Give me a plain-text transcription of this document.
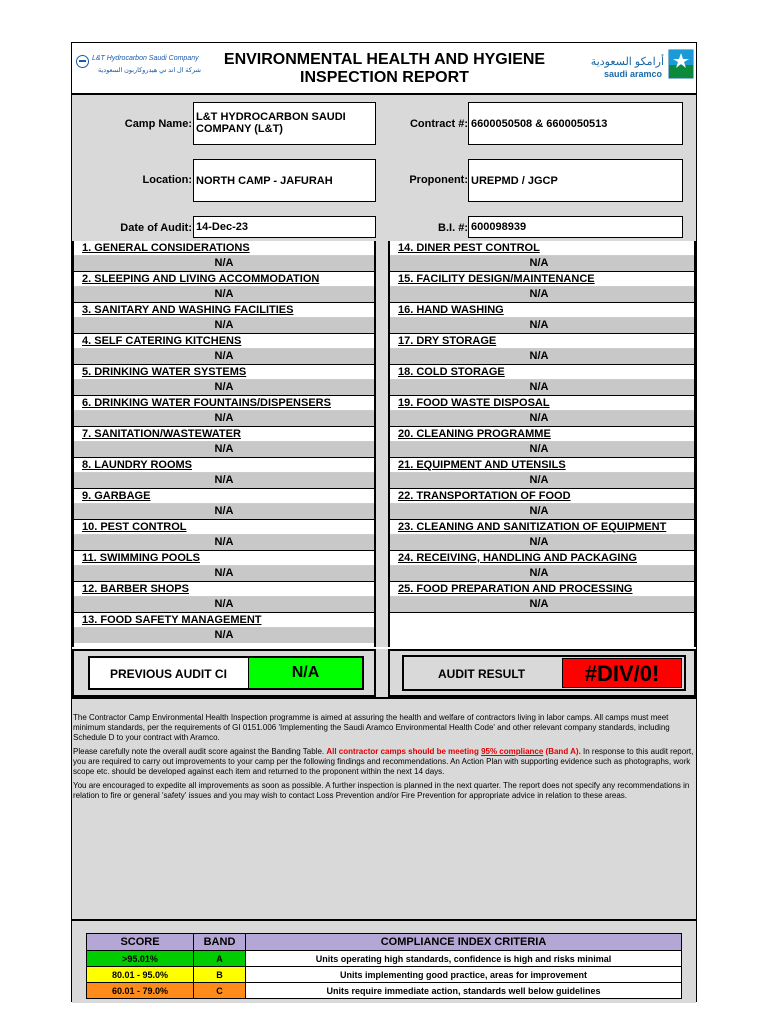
L&T Hydrocarbon Saudi Company
شركة ال اند تي هيدروكاربون السعودية
ENVIRONMENTAL HEALTH AND HYGIENE
INSPECTION REPORT
أرامكو السعودية
saudi aramco
Camp Name:
L&T HYDROCARBON SAUDI COMPANY (L&T)	Contract #: 6600050508 & 6600050513
Location: NORTH CAMP - JAFURAH	Proponent: UREPMD / JGCP
Date of Audit: 14-Dec-23	B.I. #: 600098939
1. GENERAL CONSIDERATIONS
N/A
2. SLEEPING AND LIVING ACCOMMODATION
N/A
3. SANITARY AND WASHING FACILITIES
N/A
4. SELF CATERING KITCHENS
N/A
5. DRINKING WATER SYSTEMS
N/A
6. DRINKING WATER FOUNTAINS/DISPENSERS
N/A
7. SANITATION/WASTEWATER
N/A
8. LAUNDRY ROOMS
N/A
9. GARBAGE
N/A
10. PEST CONTROL
N/A
11. SWIMMING POOLS
N/A
12. BARBER SHOPS
N/A
13. FOOD SAFETY MANAGEMENT
N/A
14. DINER PEST CONTROL
N/A
15. FACILITY DESIGN/MAINTENANCE
N/A
16. HAND WASHING
N/A
17. DRY STORAGE
N/A
18. COLD STORAGE
N/A
19. FOOD WASTE DISPOSAL
N/A
20. CLEANING PROGRAMME
N/A
21. EQUIPMENT AND UTENSILS
N/A
22. TRANSPORTATION OF FOOD
N/A
23. CLEANING AND SANITIZATION OF EQUIPMENT
N/A
24. RECEIVING, HANDLING AND PACKAGING
N/A
25. FOOD PREPARATION AND PROCESSING
N/A
PREVIOUS AUDIT CI	N/A	AUDIT RESULT	#DIV/0!

The Contractor Camp Environmental Health Inspection programme is aimed at assuring the health and welfare of contractors living in labor camps. All camps must meet minimum standards, per the requirements of GI 0151.006 'Implementing the Saudi Aramco Environmental Health Code' and other relevant company standards, including Schedule D to your contract with Aramco.

Please carefully note the overall audit score against the Banding Table. All contractor camps should be meeting 95% compliance (Band A). In response to this audit report, you are required to carry out improvements to your camp per the following findings and recommendations. An Action Plan with supporting evidence such as photographs, work scope etc. should be developed against each item and returned to the proponent within the next 14 days.

You are encouraged to expedite all improvements as soon as possible. A further inspection is planned in the next quarter. The report does not specify any recommendations in relation to fire or general 'safety' issues and you may wish to contact Loss Prevention and/or Fire Prevention for appropriate advice in relation to these areas.

SCORE	BAND	COMPLIANCE INDEX CRITERIA
>95.01%	A	Units operating high standards, confidence is high and risks minimal
80.01 - 95.0%	B	Units implementing good practice, areas for improvement
60.01 - 79.0%	C	Units require immediate action, standards well below guidelines
